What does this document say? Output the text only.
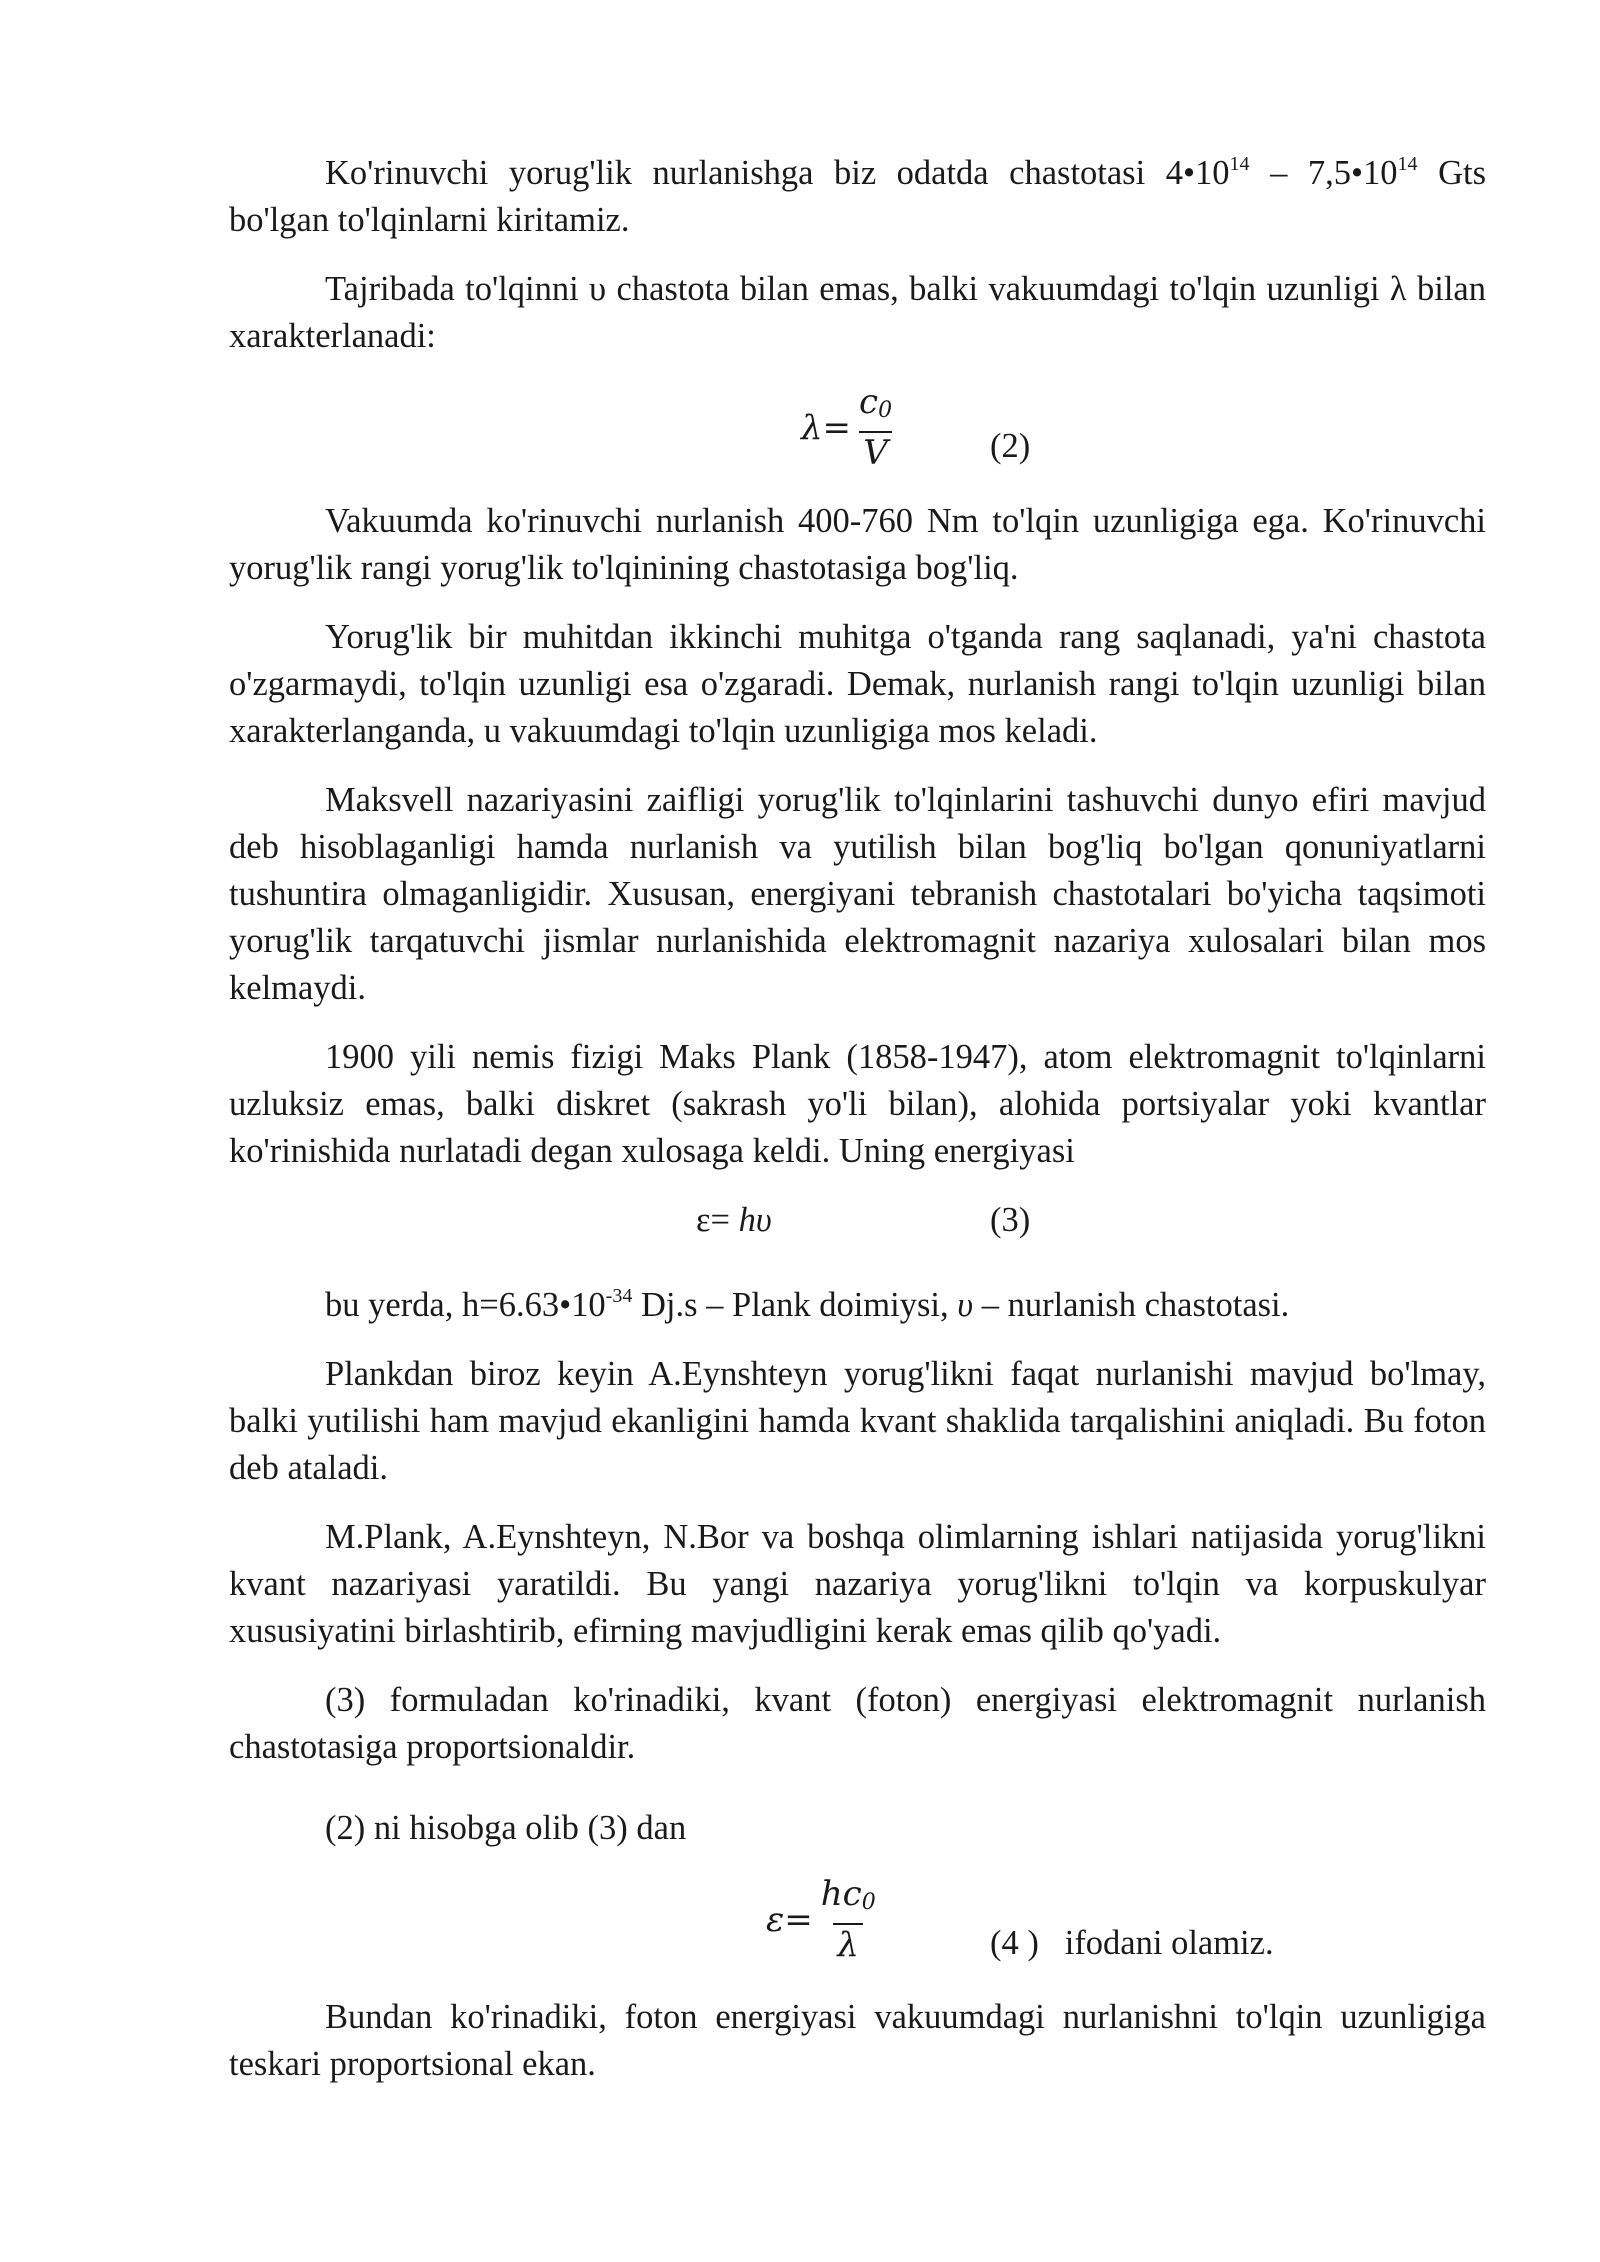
Ko'rinuvchi yorug'lik nurlanishga biz odatda chastotasi $4•10^{14}$ – $7,5•10^{14}$ Gts bo'lgan to'lqinlarni kiritamiz.

Tajribada to'lqinni υ chastota bilan emas, balki vakuumdagi to'lqin uzunligi λ bilan xarakterlanadi:

$\lambda= \frac{c_0}{V}$	(2)

Vakuumda ko'rinuvchi nurlanish 400-760 Nm to'lqin uzunligiga ega. Ko'rinuvchi yorug'lik rangi yorug'lik to'lqinining chastotasiga bog'liq.

Yorug'lik bir muhitdan ikkinchi muhitga o'tganda rang saqlanadi, ya'ni chastota o'zgarmaydi, to'lqin uzunligi esa o'zgaradi. Demak, nurlanish rangi to'lqin uzunligi bilan xarakterlanganda, u vakuumdagi to'lqin uzunligiga mos keladi.

Maksvell nazariyasini zaifligi yorug'lik to'lqinlarini tashuvchi dunyo efiri mavjud deb hisoblaganligi hamda nurlanish va yutilish bilan bog'liq bo'lgan qonuniyatlarni tushuntira olmaganligidir. Xususan, energiyani tebranish chastotalari bo'yicha taqsimoti yorug'lik tarqatuvchi jismlar nurlanishida elektromagnit nazariya xulosalari bilan mos kelmaydi.

1900 yili nemis fizigi Maks Plank (1858-1947), atom elektromagnit to'lqinlarni uzluksiz emas, balki diskret (sakrash yo'li bilan), alohida portsiyalar yoki kvantlar ko'rinishida nurlatadi degan xulosaga keldi. Uning energiyasi

ε= hυ	(3)

bu yerda, $h=6.63•10^{-34}$ Dj.s – Plank doimiysi, υ – nurlanish chastotasi.

Plankdan biroz keyin A.Eynshteyn yorug'likni faqat nurlanishi mavjud bo'lmay, balki yutilishi ham mavjud ekanligini hamda kvant shaklida tarqalishini aniqladi. Bu foton deb ataladi.

M.Plank, A.Eynshteyn, N.Bor va boshqa olimlarning ishlari natijasida yorug'likni kvant nazariyasi yaratildi. Bu yangi nazariya yorug'likni to'lqin va korpuskulyar xususiyatini birlashtirib, efirning mavjudligini kerak emas qilib qo'yadi.

(3) formuladan ko'rinadiki, kvant (foton) energiyasi elektromagnit nurlanish chastotasiga proportsionaldir.

(2) ni hisobga olib (3) dan

$\varepsilon= \frac{hc_0}{\lambda}$	(4 )   ifodani olamiz.

Bundan ko'rinadiki, foton energiyasi vakuumdagi nurlanishni to'lqin uzunligiga teskari proportsional ekan.
